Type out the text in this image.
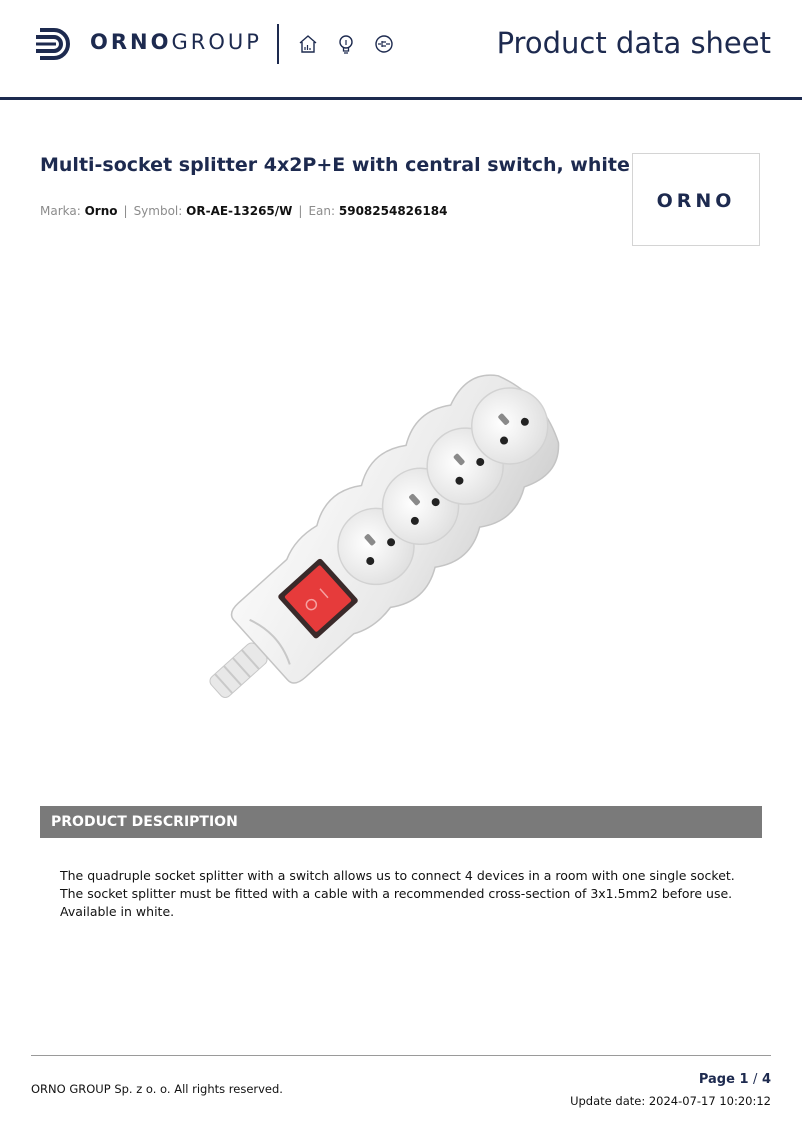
ORNOGROUP	Product data sheet
Multi-socket splitter 4x2P+E with central switch, white
Marka: Orno | Symbol: OR-AE-13265/W | Ean: 5908254826184	ORNO
PRODUCT DESCRIPTION

The quadruple socket splitter with a switch allows us to connect 4 devices in a room with one single socket.

The socket splitter must be fitted with a cable with a recommended cross-section of 3x1.5mm2 before use.

Available in white.

ORNO GROUP Sp. z o. o. All rights reserved.
Page 1 / 4
Update date: 2024-07-17 10:20:12
